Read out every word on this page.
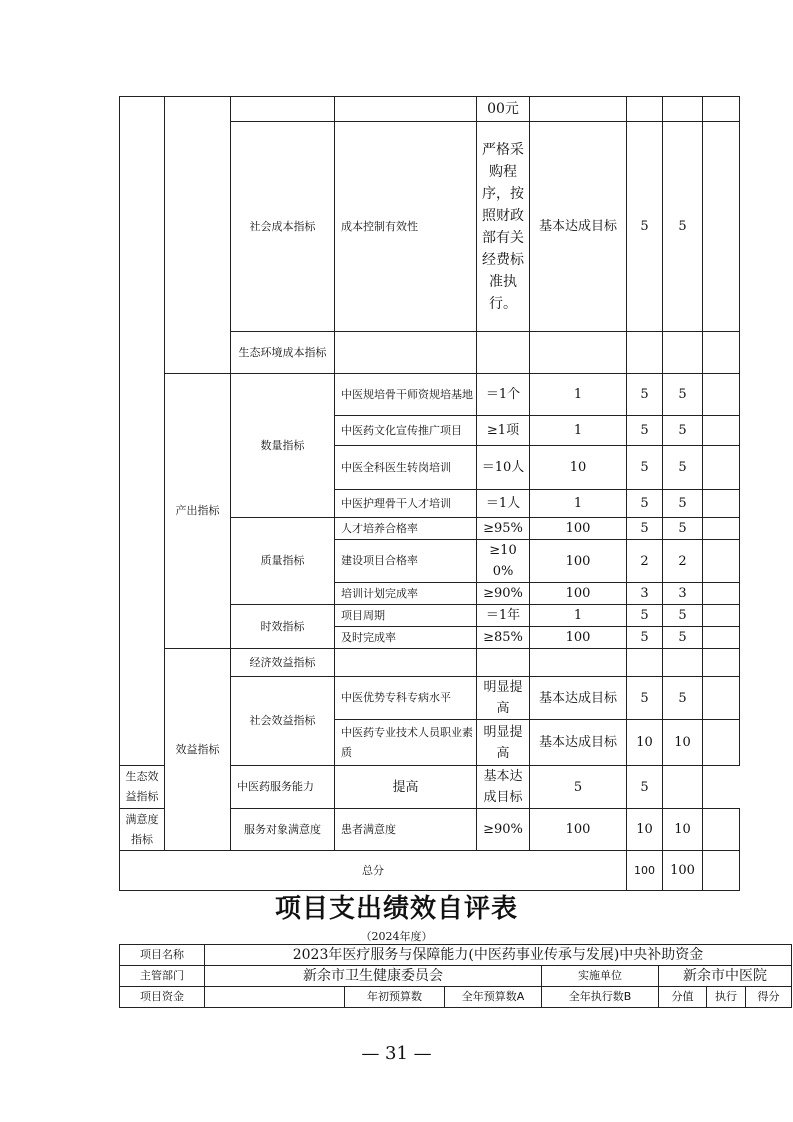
				00元				
		社会成本指标	成本控制有效性	严格采购程序，按照财政部有关经费标准执行。	基本达成目标	5	5	
		生态环境成本指标						
	产出指标	数量指标	中医规培骨干师资规培基地	＝1个	1	5	5	
			中医药文化宣传推广项目	≥1项	1	5	5	
			中医全科医生转岗培训	＝10人	10	5	5	
			中医护理骨干人才培训	＝1人	1	5	5	
		质量指标	人才培养合格率	≥95%	100	5	5	
			建设项目合格率	≥100%	100	2	2	
			培训计划完成率	≥90%	100	3	3	
		时效指标	项目周期	＝1年	1	5	5	
			及时完成率	≥85%	100	5	5	
	效益指标	经济效益指标						
		社会效益指标	中医优势专科专病水平	明显提高	基本达成目标	5	5	
			中医药专业技术人员职业素质	明显提高	基本达成目标	10	10	
生态效益指标		中医药服务能力	提高	基本达成目标	5	5		
满意度指标		服务对象满意度	患者满意度	≥90%	100	10	10	
总分						100	100	
项目支出绩效自评表
（2024年度）
项目名称	2023年医疗服务与保障能力(中医药事业传承与发展)中央补助资金						
主管部门	新余市卫生健康委员会			实施单位	新余市中医院		
项目资金		年初预算数	全年预算数A	全年执行数B	分值	执行	得分
— 31 —
